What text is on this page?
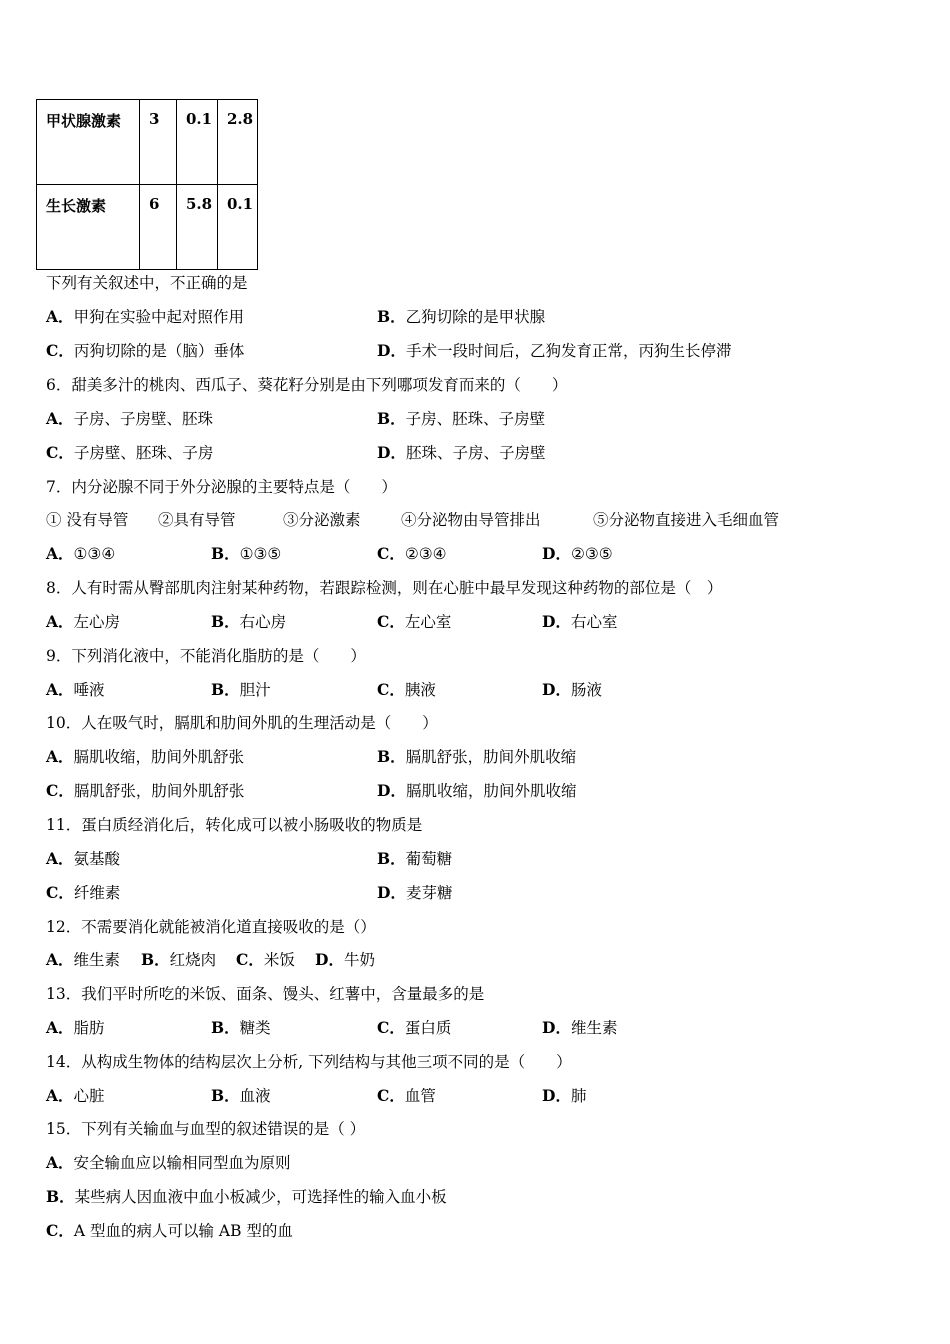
甲状腺激素	3	0.1	2.8
生长激素	6	5.8	0.1
下列有关叙述中，不正确的是
A．甲狗在实验中起对照作用	B．乙狗切除的是甲状腺
C．丙狗切除的是（脑）垂体	D．手术一段时间后，乙狗发育正常，丙狗生长停滞
6．甜美多汁的桃肉、西瓜子、葵花籽分别是由下列哪项发育而来的（　　）
A．子房、子房壁、胚珠	B．子房、胚珠、子房壁
C．子房壁、胚珠、子房	D．胚珠、子房、子房壁
7．内分泌腺不同于外分泌腺的主要特点是（　　）
① 没有导管 ②具有导管	③分泌激素	④分泌物由导管排出	⑤分泌物直接进入毛细血管
A．①③④	B．①③⑤	C．②③④	D．②③⑤
8．人有时需从臀部肌肉注射某种药物，若跟踪检测，则在心脏中最早发现这种药物的部位是（　）
A．左心房	B．右心房	C．左心室	D．右心室
9．下列消化液中，不能消化脂肪的是（　　）
A．唾液	B．胆汁	C．胰液	D．肠液
10．人在吸气时，膈肌和肋间外肌的生理活动是（　　）
A．膈肌收缩，肋间外肌舒张	B．膈肌舒张，肋间外肌收缩
C．膈肌舒张，肋间外肌舒张	D．膈肌收缩，肋间外肌收缩
11．蛋白质经消化后，转化成可以被小肠吸收的物质是
A．氨基酸	B．葡萄糖
C．纤维素	D．麦芽糖
12．不需要消化就能被消化道直接吸收的是（）
A．维生素 B．红烧肉 C．米饭 D．牛奶
13．我们平时所吃的米饭、面条、馒头、红薯中，含量最多的是
A．脂肪	B．糖类	C．蛋白质	D．维生素
14．从构成生物体的结构层次上分析, 下列结构与其他三项不同的是（　　）
A．心脏	B．血液	C．血管	D．肺
15．下列有关输血与血型的叙述错误的是（ ）
A．安全输血应以输相同型血为原则
B．某些病人因血液中血小板减少，可选择性的输入血小板
C．A 型血的病人可以输 AB 型的血
